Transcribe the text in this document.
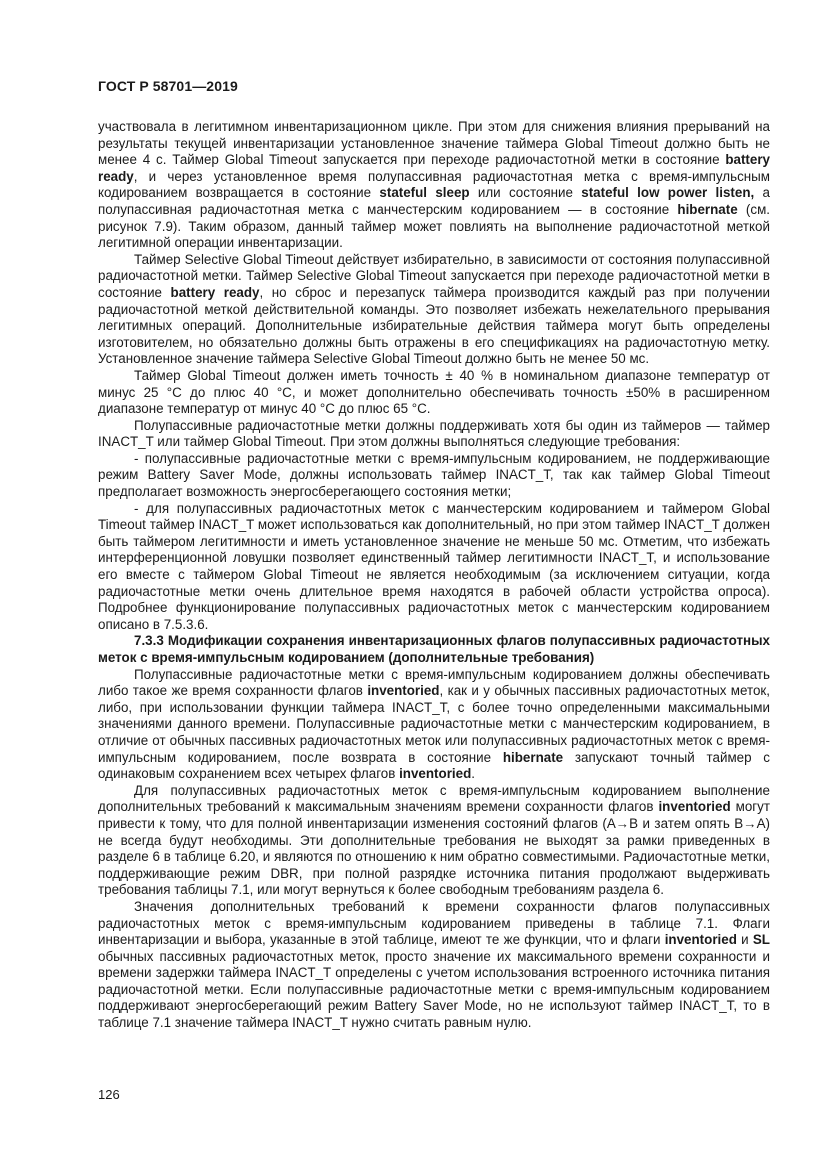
ГОСТ Р 58701—2019

участвовала в легитимном инвентаризационном цикле. При этом для снижения влияния прерываний на результаты текущей инвентаризации установленное значение таймера Global Timeout должно быть не менее 4 с. Таймер Global Timeout запускается при переходе радиочастотной метки в состояние battery ready, и через установленное время полупассивная радиочастотная метка с время-импульсным кодированием возвращается в состояние stateful sleep или состояние stateful low power listen, а полупассивная радиочастотная метка с манчестерским кодированием — в состояние hibernate (см. рисунок 7.9). Таким образом, данный таймер может повлиять на выполнение радиочастотной меткой легитимной операции инвентаризации.

Таймер Selective Global Timeout действует избирательно, в зависимости от состояния полупассивной радиочастотной метки. Таймер Selective Global Timeout запускается при переходе радиочастотной метки в состояние battery ready, но сброс и перезапуск таймера производится каждый раз при получении радиочастотной меткой действительной команды. Это позволяет избежать нежелательного прерывания легитимных операций. Дополнительные избирательные действия таймера могут быть определены изготовителем, но обязательно должны быть отражены в его спецификациях на радиочастотную метку. Установленное значение таймера Selective Global Timeout должно быть не менее 50 мс.

Таймер Global Timeout должен иметь точность ± 40 % в номинальном диапазоне температур от минус 25 °С до плюс 40 °С, и может дополнительно обеспечивать точность ±50% в расширенном диапазоне температур от минус 40 °С до плюс 65 °С.

Полупассивные радиочастотные метки должны поддерживать хотя бы один из таймеров — таймер INACT_T или таймер Global Timeout. При этом должны выполняться следующие требования:

- полупассивные радиочастотные метки с время-импульсным кодированием, не поддерживающие режим Battery Saver Mode, должны использовать таймер INACT_T, так как таймер Global Timeout предполагает возможность энергосберегающего состояния метки;

- для полупассивных радиочастотных меток с манчестерским кодированием и таймером Global Timeout таймер INACT_T может использоваться как дополнительный, но при этом таймер INACT_T должен быть таймером легитимности и иметь установленное значение не меньше 50 мс. Отметим, что избежать интерференционной ловушки позволяет единственный таймер легитимности INACT_T, и использование его вместе с таймером Global Timeout не является необходимым (за исключением ситуации, когда радиочастотные метки очень длительное время находятся в рабочей области устройства опроса). Подробнее функционирование полупассивных радиочастотных меток с манчестерским кодированием описано в 7.5.3.6.

7.3.3 Модификации сохранения инвентаризационных флагов полупассивных радиочастотных меток с время-импульсным кодированием (дополнительные требования)

Полупассивные радиочастотные метки с время-импульсным кодированием должны обеспечивать либо такое же время сохранности флагов inventoried, как и у обычных пассивных радиочастотных меток, либо, при использовании функции таймера INACT_T, с более точно определенными максимальными значениями данного времени. Полупассивные радиочастотные метки с манчестерским кодированием, в отличие от обычных пассивных радиочастотных меток или полупассивных радиочастотных меток с время-импульсным кодированием, после возврата в состояние hibernate запускают точный таймер с одинаковым сохранением всех четырех флагов inventoried.

Для полупассивных радиочастотных меток с время-импульсным кодированием выполнение дополнительных требований к максимальным значениям времени сохранности флагов inventoried могут привести к тому, что для полной инвентаризации изменения состояний флагов (A→B и затем опять B→A) не всегда будут необходимы. Эти дополнительные требования не выходят за рамки приведенных в разделе 6 в таблице 6.20, и являются по отношению к ним обратно совместимыми. Радиочастотные метки, поддерживающие режим DBR, при полной разрядке источника питания продолжают выдерживать требования таблицы 7.1, или могут вернуться к более свободным требованиям раздела 6.

Значения дополнительных требований к времени сохранности флагов полупассивных радиочастотных меток с время-импульсным кодированием приведены в таблице 7.1. Флаги инвентаризации и выбора, указанные в этой таблице, имеют те же функции, что и флаги inventoried и SL обычных пассивных радиочастотных меток, просто значение их максимального времени сохранности и времени задержки таймера INACT_T определены с учетом использования встроенного источника питания радиочастотной метки. Если полупассивные радиочастотные метки с время-импульсным кодированием поддерживают энергосберегающий режим Battery Saver Mode, но не используют таймер INACT_T, то в таблице 7.1 значение таймера INACT_T нужно считать равным нулю.

126
